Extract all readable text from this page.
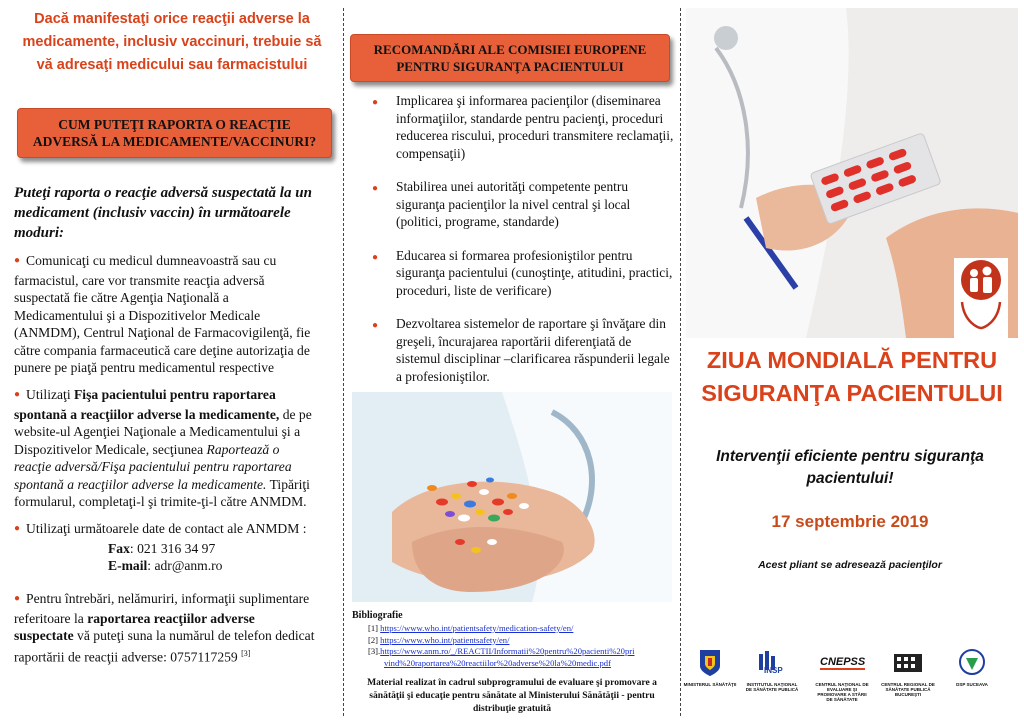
Dacă manifestaţi orice reacţii adverse la
medicamente, inclusiv vaccinuri, trebuie să
vă adresaţi medicului sau farmacistului
CUM PUTEŢI RAPORTA O REACŢIE
ADVERSĂ LA MEDICAMENTE/VACCINURI?
Puteţi raporta o reacţie adversă suspectată la un
medicament (inclusiv vaccin) în următoarele moduri:
● Comunicaţi cu medicul dumneavoastră sau cu
farmacistul, care vor transmite reacţia adversă
suspectată fie către Agenţia Naţională a
Medicamentului şi a Dispozitivelor Medicale
(ANMDM), Centrul Naţional de Farmacovigilenţă, fie
către compania farmaceutică care deţine autorizaţia de
punere pe piaţă pentru medicamentul respective
● Utilizaţi Fişa pacientului pentru raportarea
spontană a reacţiilor adverse la medicamente, de pe
website-ul Agenţiei Naţionale a Medicamentului şi a
Dispozitivelor Medicale, secţiunea Raportează o
reacţie adversă/Fişa pacientului pentru raportarea
spontană a reacţiilor adverse la medicamente. Tipăriţi
formularul, completaţi-l şi trimite-ţi-l către ANMDM.
● Utilizaţi următoarele date de contact ale ANMDM :
Fax: 021 316 34 97
E-mail: adr@anm.ro
● Pentru întrebări, nelămuriri, informaţii suplimentare
referitoare la raportarea reacţiilor adverse
suspectate vă puteţi suna la numărul de telefon dedicat
raportării de reacţii adverse: 0757117259 [3]
RECOMANDĂRI ALE COMISIEI EUROPENE
PENTRU SIGURANŢA PACIENTULUI
● Implicarea şi informarea pacienţilor (diseminarea
informaţiilor, standarde pentru pacienţi, proceduri
reducerea riscului, proceduri transmitere reclamaţii,
compensaţii)
● Stabilirea unei autorităţi competente pentru
siguranţa pacienţilor la nivel central şi local
(politici, programe, standarde)
● Educarea si formarea profesioniştilor pentru
siguranţa pacientului (cunoştinţe, atitudini, practici,
proceduri, liste de verificare)
● Dezvoltarea sistemelor de raportare şi învăţare din
greşeli, încurajarea raportării diferenţiată de
sistemul disciplinar –clarificarea răspunderii legale
a profesioniştilor.
Bibliografie
[1] https://www.who.int/patientsafety/medication-safety/en/
[2] https://www.who.int/patientsafety/en/
[3].https://www.anm.ro/_/REACTII/Informatii%20pentru%20pacienti%20pri
vind%20raportarea%20reactiilor%20adverse%20la%20medic.pdf
Material realizat în cadrul subprogramului de evaluare şi promovare a
sănătăţii şi educaţie pentru sănătate al Ministerului Sănătăţii - pentru
distribuţie gratuită
ZIUA MONDIALĂ PENTRU
SIGURANŢA PACIENTULUI
Intervenţii eficiente pentru siguranţa
pacientului!
17 septembrie 2019
Acest pliant se adresează pacienţilor
MINISTERUL SĂNĂTĂŢII
INSP
INSTITUTUL NAŢIONAL DE SĂNĂTATE PUBLICĂ
CNEPSS
CENTRUL NAŢIONAL DE EVALUARE ŞI PROMOVARE A STĂRII DE SĂNĂTATE
CENTRUL REGIONAL DE SĂNĂTATE PUBLICĂ BUCUREŞTI
DSP SUCEAVA
